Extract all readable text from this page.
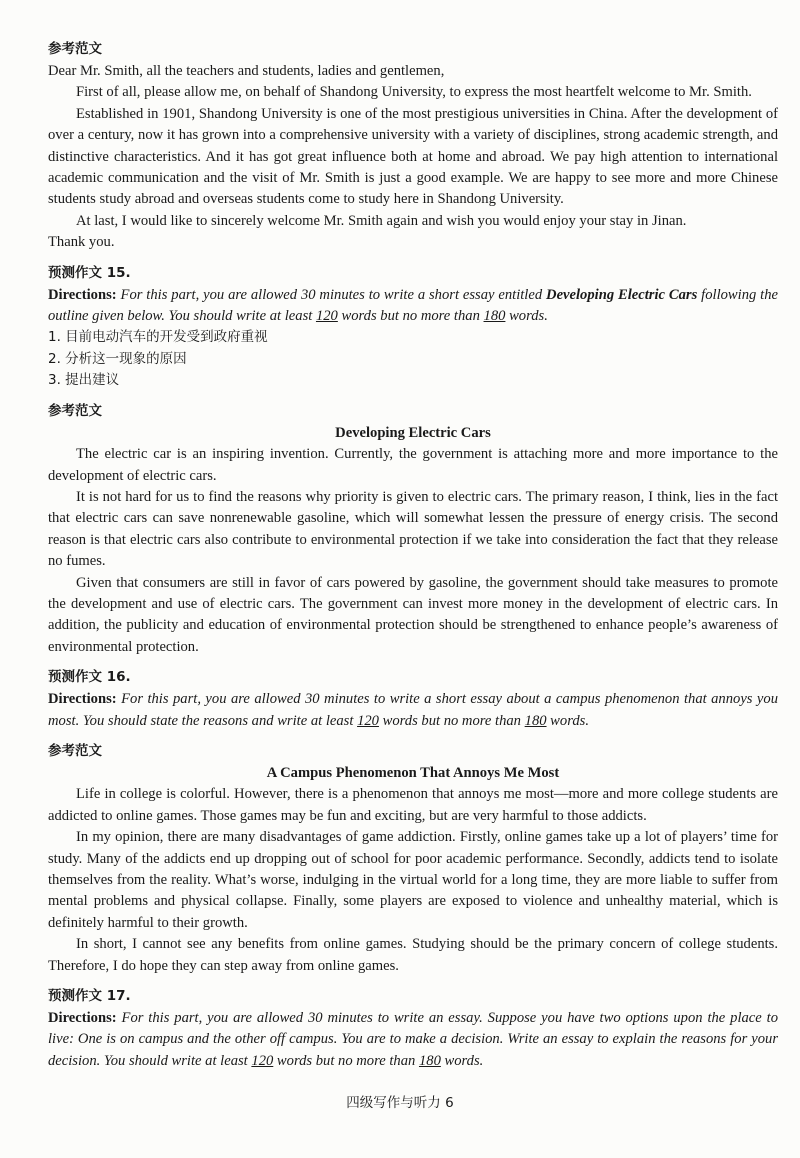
参考范文

Dear Mr. Smith, all the teachers and students, ladies and gentlemen,

First of all, please allow me, on behalf of Shandong University, to express the most heartfelt welcome to Mr. Smith.

Established in 1901, Shandong University is one of the most prestigious universities in China. After the development of over a century, now it has grown into a comprehensive university with a variety of disciplines, strong academic strength, and distinctive characteristics. And it has got great influence both at home and abroad. We pay high attention to international academic communication and the visit of Mr. Smith is just a good example. We are happy to see more and more Chinese students study abroad and overseas students come to study here in Shandong University.

At last, I would like to sincerely welcome Mr. Smith again and wish you would enjoy your stay in Jinan.

Thank you.

预测作文 15.

Directions: For this part, you are allowed 30 minutes to write a short essay entitled Developing Electric Cars following the outline given below. You should write at least 120 words but no more than 180 words.

1. 目前电动汽车的开发受到政府重视

2. 分析这一现象的原因

3. 提出建议

参考范文

Developing Electric Cars

The electric car is an inspiring invention. Currently, the government is attaching more and more importance to the development of electric cars.

It is not hard for us to find the reasons why priority is given to electric cars. The primary reason, I think, lies in the fact that electric cars can save nonrenewable gasoline, which will somewhat lessen the pressure of energy crisis. The second reason is that electric cars also contribute to environmental protection if we take into consideration the fact that they release no fumes.

Given that consumers are still in favor of cars powered by gasoline, the government should take measures to promote the development and use of electric cars. The government can invest more money in the development of electric cars. In addition, the publicity and education of environmental protection should be strengthened to enhance people’s awareness of environmental protection.

预测作文 16.

Directions: For this part, you are allowed 30 minutes to write a short essay about a campus phenomenon that annoys you most. You should state the reasons and write at least 120 words but no more than 180 words.

参考范文

A Campus Phenomenon That Annoys Me Most

Life in college is colorful. However, there is a phenomenon that annoys me most—more and more college students are addicted to online games. Those games may be fun and exciting, but are very harmful to those addicts.

In my opinion, there are many disadvantages of game addiction. Firstly, online games take up a lot of players’ time for study. Many of the addicts end up dropping out of school for poor academic performance. Secondly, addicts tend to isolate themselves from the reality. What’s worse, indulging in the virtual world for a long time, they are more liable to suffer from mental problems and physical collapse. Finally, some players are exposed to violence and unhealthy material, which is definitely harmful to their growth.

In short, I cannot see any benefits from online games. Studying should be the primary concern of college students. Therefore, I do hope they can step away from online games.

预测作文 17.

Directions: For this part, you are allowed 30 minutes to write an essay. Suppose you have two options upon the place to live: One is on campus and the other off campus. You are to make a decision. Write an essay to explain the reasons for your decision. You should write at least 120 words but no more than 180 words.

四级写作与听力 6
